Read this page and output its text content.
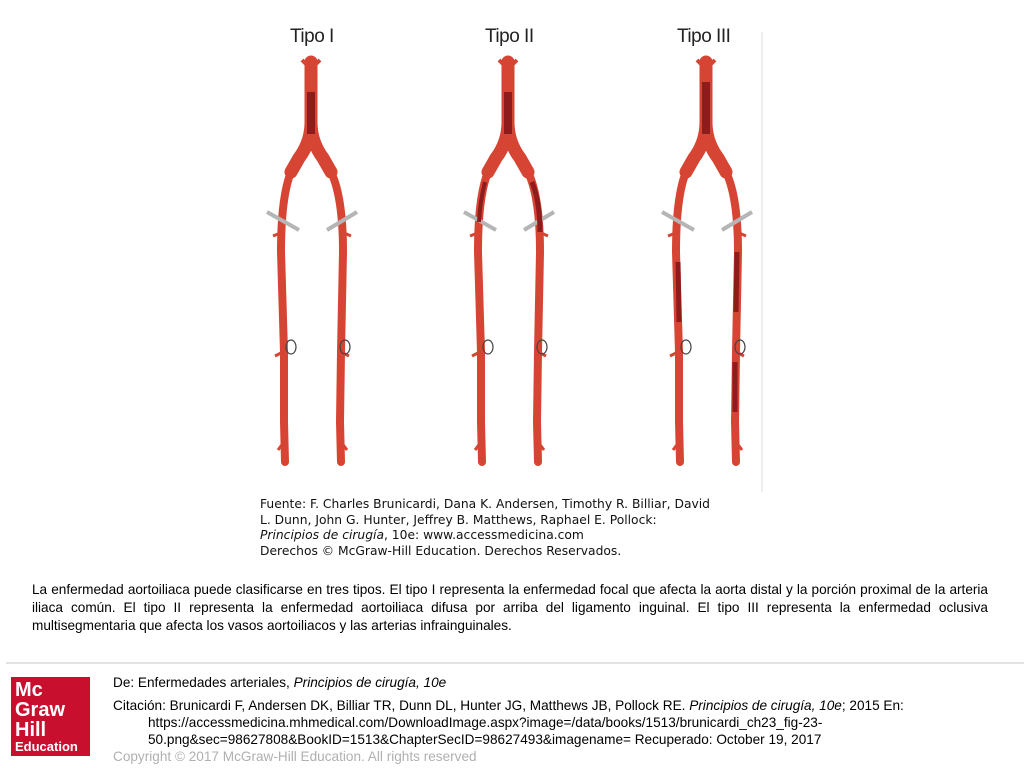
Tipo I	Tipo II	Tipo III
Fuente: F. Charles Brunicardi, Dana K. Andersen, Timothy R. Billiar, David
L. Dunn, John G. Hunter, Jeffrey B. Matthews, Raphael E. Pollock:
Principios de cirugía, 10e: www.accessmedicina.com
Derechos © McGraw-Hill Education. Derechos Reservados.
La enfermedad aortoiliaca puede clasificarse en tres tipos. El tipo I representa la enfermedad focal que afecta la aorta distal y la porción proximal de la arteria iliaca común. El tipo II representa la enfermedad aortoiliaca difusa por arriba del ligamento inguinal. El tipo III representa la enfermedad oclusiva multisegmentaria que afecta los vasos aortoiliacos y las arterias infrainguinales.
Mc
Graw
Hill
Education
De: Enfermedades arteriales, Principios de cirugía, 10e
Citación: Brunicardi F, Andersen DK, Billiar TR, Dunn DL, Hunter JG, Matthews JB, Pollock RE. Principios de cirugía, 10e; 2015 En:
https://accessmedicina.mhmedical.com/DownloadImage.aspx?image=/data/books/1513/brunicardi_ch23_fig-23-
50.png&sec=98627808&BookID=1513&ChapterSecID=98627493&imagename= Recuperado: October 19, 2017
Copyright © 2017 McGraw-Hill Education. All rights reserved
